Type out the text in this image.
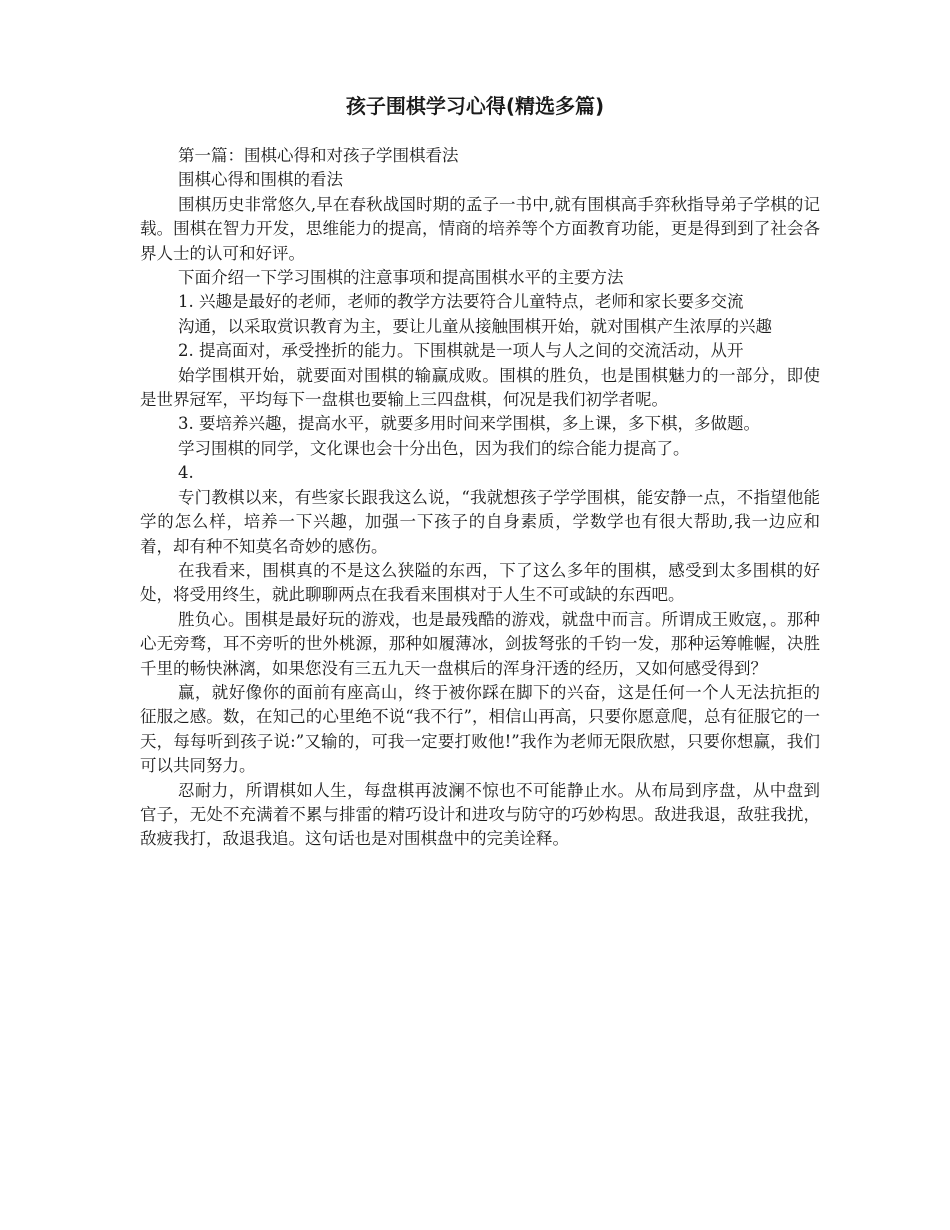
孩子围棋学习心得(精选多篇)

第一篇：围棋心得和对孩子学围棋看法

围棋心得和围棋的看法

围棋历史非常悠久,早在春秋战国时期的孟子一书中,就有围棋高手弈秋指导弟子学棋的记载。围棋在智力开发，思维能力的提高，情商的培养等个方面教育功能，更是得到到了社会各界人士的认可和好评。

下面介绍一下学习围棋的注意事项和提高围棋水平的主要方法

1. 兴趣是最好的老师，老师的教学方法要符合儿童特点，老师和家长要多交流

沟通，以采取赏识教育为主，要让儿童从接触围棋开始，就对围棋产生浓厚的兴趣

2. 提高面对，承受挫折的能力。下围棋就是一项人与人之间的交流活动，从开

始学围棋开始，就要面对围棋的输赢成败。围棋的胜负，也是围棋魅力的一部分，即使是世界冠军，平均每下一盘棋也要输上三四盘棋，何况是我们初学者呢。

3. 要培养兴趣，提高水平，就要多用时间来学围棋，多上课，多下棋，多做题。

学习围棋的同学，文化课也会十分出色，因为我们的综合能力提高了。

4.

专门教棋以来，有些家长跟我这么说，“我就想孩子学学围棋，能安静一点，不指望他能学的怎么样，培养一下兴趣，加强一下孩子的自身素质，学数学也有很大帮助,我一边应和着，却有种不知莫名奇妙的感伤。

在我看来，围棋真的不是这么狭隘的东西，下了这么多年的围棋，感受到太多围棋的好处，将受用终生，就此聊聊两点在我看来围棋对于人生不可或缺的东西吧。

胜负心。围棋是最好玩的游戏，也是最残酷的游戏，就盘中而言。所谓成王败寇，。那种心无旁骛，耳不旁听的世外桃源，那种如履薄冰，剑拔弩张的千钧一发，那种运筹帷幄，决胜千里的畅快淋漓，如果您没有三五九天一盘棋后的浑身汗透的经历，又如何感受得到？

赢，就好像你的面前有座高山，终于被你踩在脚下的兴奋，这是任何一个人无法抗拒的征服之感。数，在知己的心里绝不说“我不行”，相信山再高，只要你愿意爬，总有征服它的一天，每每听到孩子说:”又输的，可我一定要打败他!”我作为老师无限欣慰，只要你想赢，我们可以共同努力。

忍耐力，所谓棋如人生，每盘棋再波澜不惊也不可能静止水。从布局到序盘，从中盘到官子，无处不充满着不累与排雷的精巧设计和进攻与防守的巧妙构思。敌进我退，敌驻我扰，敌疲我打，敌退我追。这句话也是对围棋盘中的完美诠释。
